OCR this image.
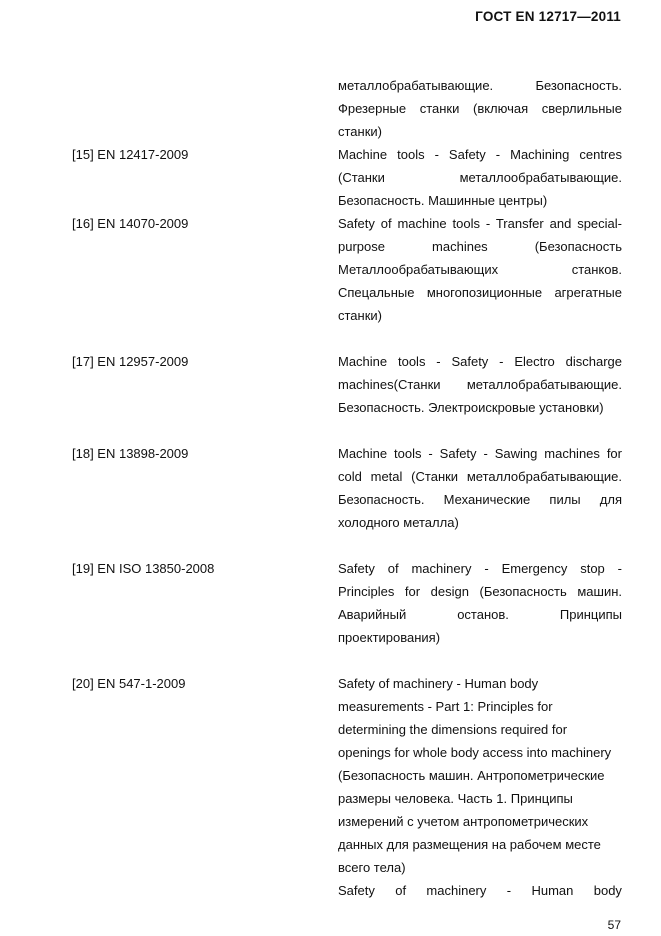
ГОСТ EN 12717—2011
металлобрабатывающие. Безопасность. Фрезерные станки (включая сверлильные станки)
[15] EN 12417-2009	Machine tools - Safety - Machining centres (Станки металлообрабатывающие. Безопасность. Машинные центры)
[16] EN 14070-2009	Safety of machine tools - Transfer and special-purpose machines (Безопасность Металлообрабатывающих станков. Спецальные многопозиционные агрегатные станки)
[17] EN 12957-2009	Machine tools - Safety - Electro discharge machines(Станки металлобрабатывающие. Безопасность. Электроискровые установки)
[18] EN 13898-2009	Machine tools - Safety - Sawing machines for cold metal (Станки металлобрабатывающие. Безопасность. Механические пилы для холодного металла)
[19] EN ISO 13850-2008	Safety of machinery - Emergency stop - Principles for design (Безопасность машин. Аварийный останов. Принципы проектирования)
[20] EN 547-1-2009	Safety of machinery - Human body measurements - Part 1: Principles for determining the dimensions required for openings for whole body access into machinery (Безопасность машин. Антропометрические размеры человека. Часть 1. Принципы измерений с учетом антропометрических данных для размещения на рабочем месте всего тела)
Safety of machinery - Human body
57
